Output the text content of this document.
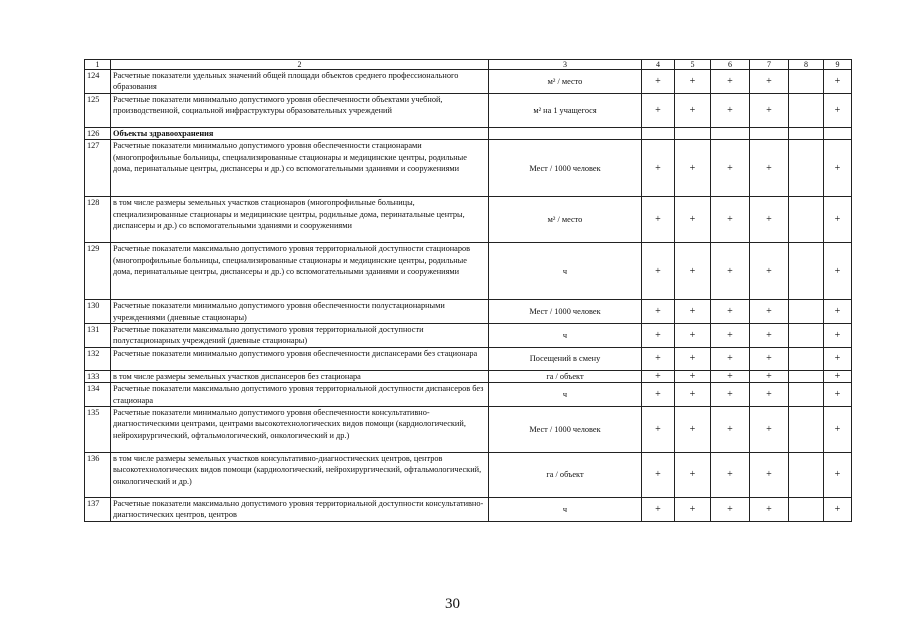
1	2	3	4	5	6	7	8	9
124	Расчетные показатели удельных значений общей площади объектов среднего профессионального образования	м² / место	+	+	+	+		+
125	Расчетные показатели минимально допустимого уровня обеспеченности объектами учебной, производственной, социальной инфраструктуры образовательных учреждений	м² на 1 учащегося	+	+	+	+		+
126	Объекты здравоохранения							
127	Расчетные показатели минимально допустимого уровня обеспеченности стационарами (многопрофильные больницы, специализированные стационары и медицинские центры, родильные дома, перинатальные центры, диспансеры и др.) со вспомогательными зданиями и сооружениями	Мест / 1000 человек	+	+	+	+		+
128	в том числе размеры земельных участков стационаров (многопрофильные больницы, специализированные стационары и медицинские центры, родильные дома, перинатальные центры, диспансеры и др.) со вспомогательными зданиями и сооружениями	м² / место	+	+	+	+		+
129	Расчетные показатели максимально допустимого уровня территориальной доступности стационаров (многопрофильные больницы, специализированные стационары и медицинские центры, родильные дома, перинатальные центры, диспансеры и др.) со вспомогательными зданиями и сооружениями	ч	+	+	+	+		+
130	Расчетные показатели минимально допустимого уровня обеспеченности полустационарными учреждениями (дневные стационары)	Мест / 1000 человек	+	+	+	+		+
131	Расчетные показатели максимально допустимого уровня территориальной доступности полустационарных учреждений (дневные стационары)	ч	+	+	+	+		+
132	Расчетные показатели минимально допустимого уровня обеспеченности диспансерами без стационара	Посещений в смену	+	+	+	+		+
133	в том числе размеры земельных участков диспансеров без стационара	га / объект	+	+	+	+		+
134	Расчетные показатели максимально допустимого уровня территориальной доступности диспансеров без стационара	ч	+	+	+	+		+
135	Расчетные показатели минимально допустимого уровня обеспеченности консультативно-диагностическими центрами, центрами высокотехнологических видов помощи (кардиологический, нейрохирургический, офтальмологический, онкологический и др.)	Мест / 1000 человек	+	+	+	+		+
136	в том числе размеры земельных участков консультативно-диагностических центров, центров высокотехнологических видов помощи (кардиологический, нейрохирургический, офтальмологический, онкологический и др.)	га / объект	+	+	+	+		+
137	Расчетные показатели максимально допустимого уровня территориальной доступности консультативно-диагностических центров, центров	ч	+	+	+	+		+
30
